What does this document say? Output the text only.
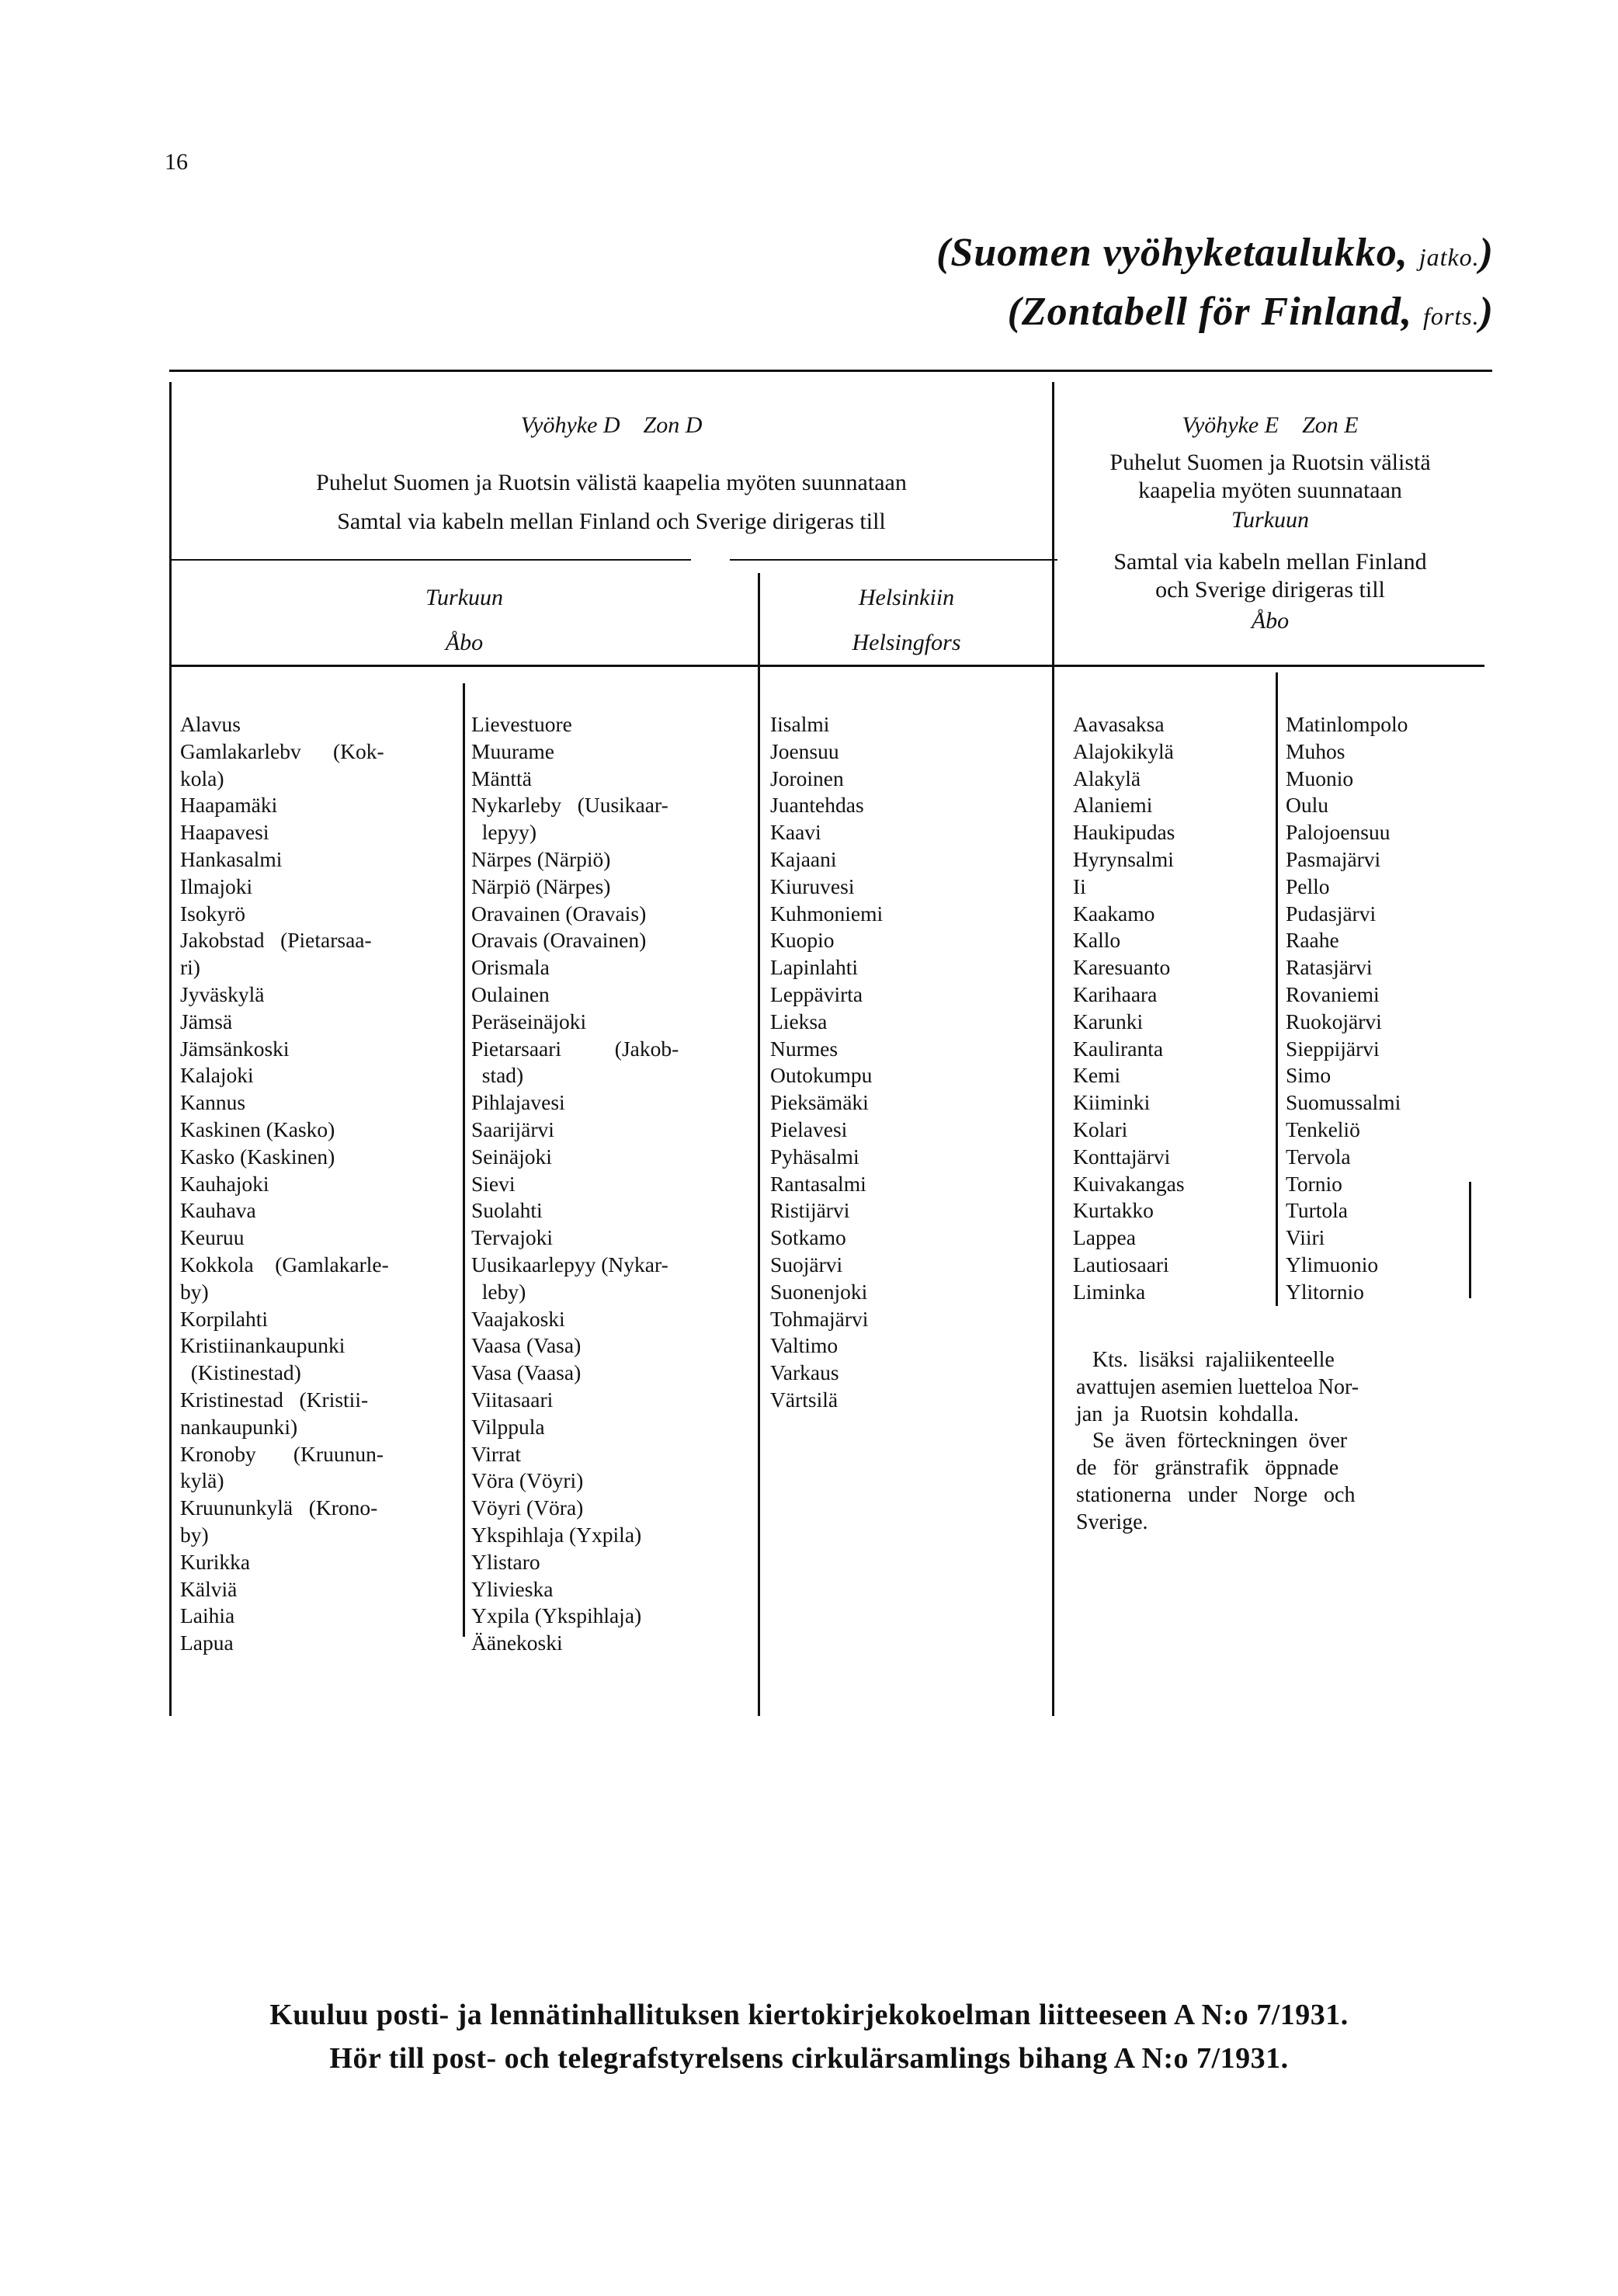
16
(Suomen vyöhyketaulukko, jatko.)
(Zontabell för Finland, forts.)
Vyöhyke D    Zon D
Puhelut Suomen ja Ruotsin välistä kaapelia myöten suunnataan
Samtal via kabeln mellan Finland och Sverige dirigeras till
Turkuun
Åbo
Helsinkiin
Helsingfors
Vyöhyke E    Zon E
Puhelut Suomen ja Ruotsin välistä
kaapelia myöten suunnataan
Turkuun
Samtal via kabeln mellan Finland
och Sverige dirigeras till
Åbo
Alavus
Gamlakarlebv      (Kok-
kola)
Haapamäki
Haapavesi
Hankasalmi
Ilmajoki
Isokyrö
Jakobstad   (Pietarsaa-
ri)
Jyväskylä
Jämsä
Jämsänkoski
Kalajoki
Kannus
Kaskinen (Kasko)
Kasko (Kaskinen)
Kauhajoki
Kauhava
Keuruu
Kokkola    (Gamlakarle-
by)
Korpilahti
Kristiinankaupunki
(Kistinestad)
Kristinestad   (Kristii-
nankaupunki)
Kronoby       (Kruunun-
kylä)
Kruununkylä   (Krono-
by)
Kurikka
Kälviä
Laihia
Lapua
Lievestuore
Muurame
Mänttä
Nykarleby   (Uusikaar-
lepyy)
Närpes (Närpiö)
Närpiö (Närpes)
Oravainen (Oravais)
Oravais (Oravainen)
Orismala
Oulainen
Peräseinäjoki
Pietarsaari          (Jakob-
stad)
Pihlajavesi
Saarijärvi
Seinäjoki
Sievi
Suolahti
Tervajoki
Uusikaarlepyy (Nykar-
leby)
Vaajakoski
Vaasa (Vasa)
Vasa (Vaasa)
Viitasaari
Vilppula
Virrat
Vöra (Vöyri)
Vöyri (Vöra)
Ykspihlaja (Yxpila)
Ylistaro
Ylivieska
Yxpila (Ykspihlaja)
Äänekoski
Iisalmi
Joensuu
Joroinen
Juantehdas
Kaavi
Kajaani
Kiuruvesi
Kuhmoniemi
Kuopio
Lapinlahti
Leppävirta
Lieksa
Nurmes
Outokumpu
Pieksämäki
Pielavesi
Pyhäsalmi
Rantasalmi
Ristijärvi
Sotkamo
Suojärvi
Suonenjoki
Tohmajärvi
Valtimo
Varkaus
Värtsilä
Aavasaksa
Alajokikylä
Alakylä
Alaniemi
Haukipudas
Hyrynsalmi
Ii
Kaakamo
Kallo
Karesuanto
Karihaara
Karunki
Kauliranta
Kemi
Kiiminki
Kolari
Konttajärvi
Kuivakangas
Kurtakko
Lappea
Lautiosaari
Liminka
Matinlompolo
Muhos
Muonio
Oulu
Palojoensuu
Pasmajärvi
Pello
Pudasjärvi
Raahe
Ratasjärvi
Rovaniemi
Ruokojärvi
Sieppijärvi
Simo
Suomussalmi
Tenkeliö
Tervola
Tornio
Turtola
Viiri
Ylimuonio
Ylitornio
Kts.  lisäksi  rajaliikenteelle
avattujen asemien luetteloa Nor-
jan  ja  Ruotsin  kohdalla.
Se  även  förteckningen  över
de   för   gränstrafik   öppnade
stationerna   under   Norge   och
Sverige.
Kuuluu posti- ja lennätinhallituksen kiertokirjekokoelman liitteeseen A N:o 7/1931.
Hör till post- och telegrafstyrelsens cirkulärsamlings bihang A N:o 7/1931.
